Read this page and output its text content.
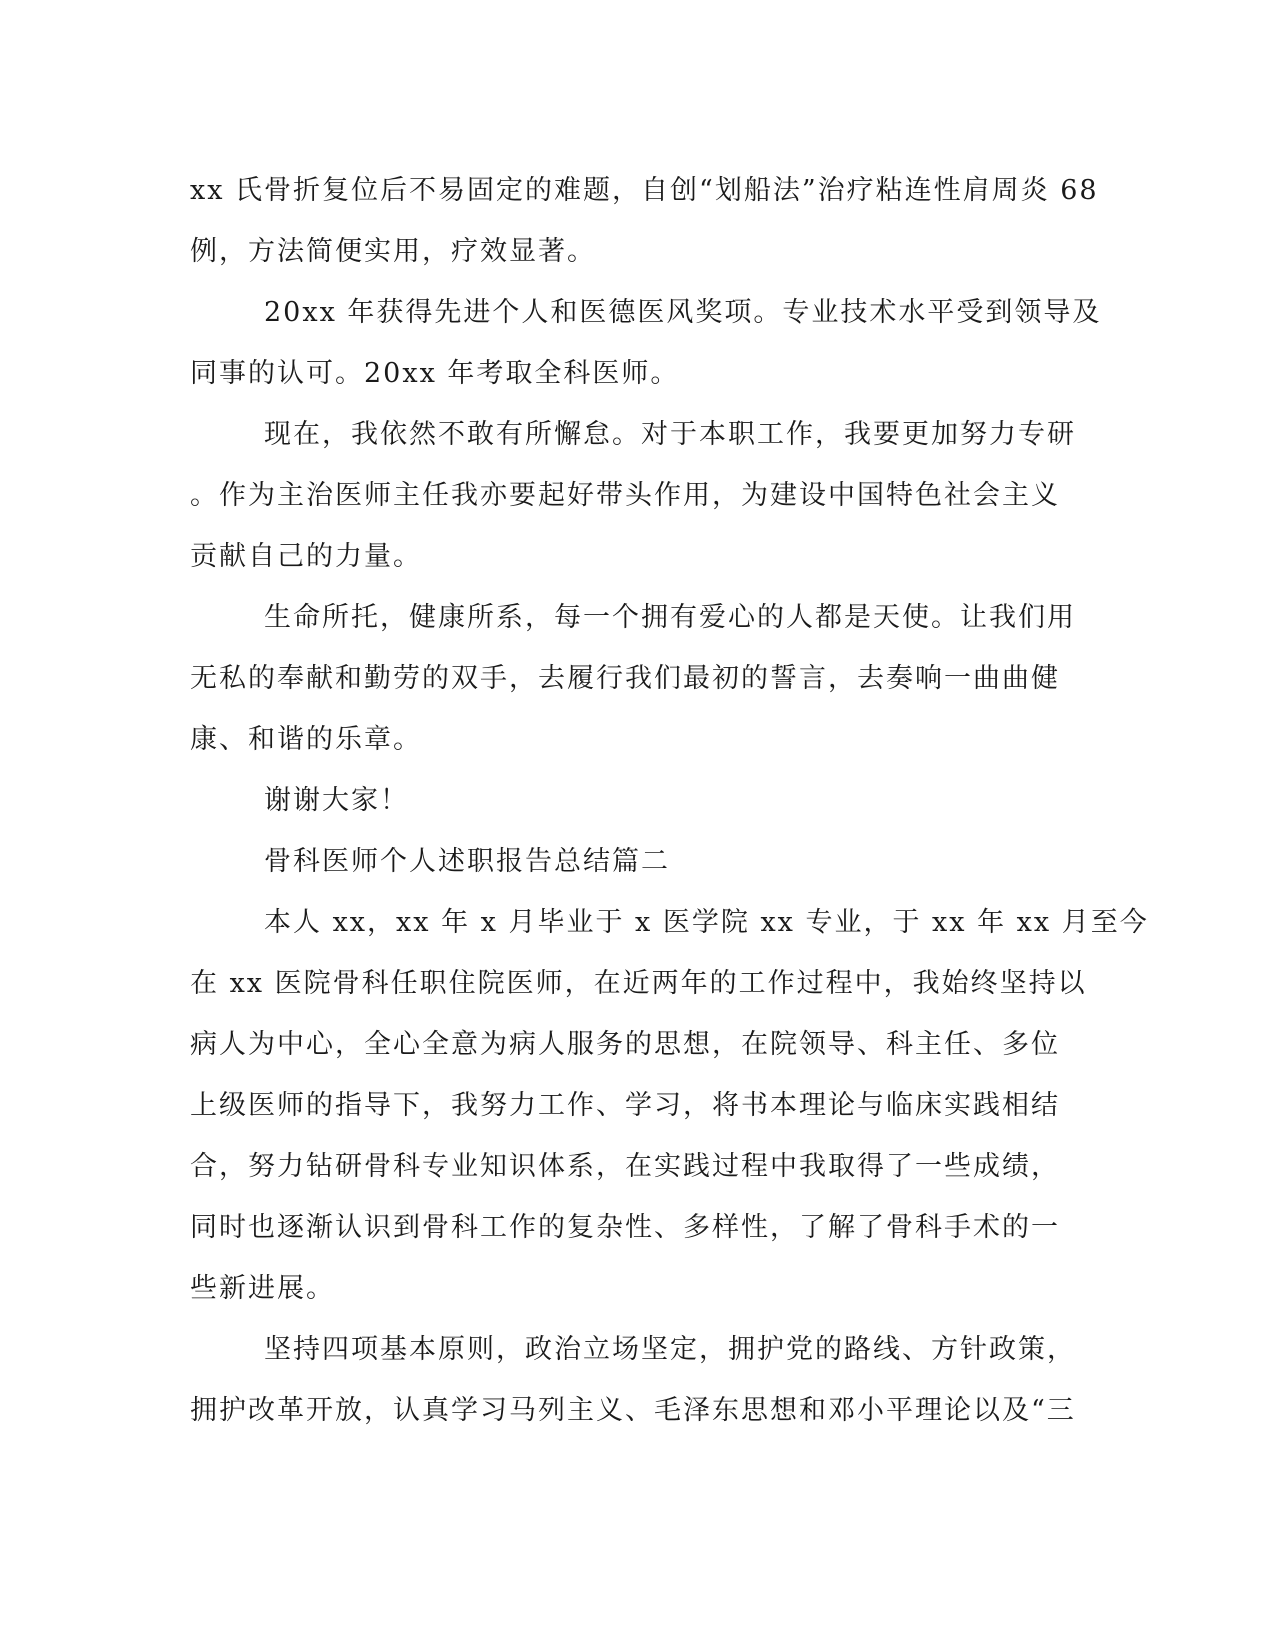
xx 氏骨折复位后不易固定的难题，自创“划船法”治疗粘连性肩周炎 68
例，方法简便实用，疗效显著。
20xx 年获得先进个人和医德医风奖项。专业技术水平受到领导及
同事的认可。20xx 年考取全科医师。
现在，我依然不敢有所懈怠。对于本职工作，我要更加努力专研
。作为主治医师主任我亦要起好带头作用，为建设中国特色社会主义
贡献自己的力量。
生命所托，健康所系，每一个拥有爱心的人都是天使。让我们用
无私的奉献和勤劳的双手，去履行我们最初的誓言，去奏响一曲曲健
康、和谐的乐章。
谢谢大家！
骨科医师个人述职报告总结篇二
本人 xx，xx 年 x 月毕业于 x 医学院 xx 专业，于 xx 年 xx 月至今
在 xx 医院骨科任职住院医师，在近两年的工作过程中，我始终坚持以
病人为中心，全心全意为病人服务的思想，在院领导、科主任、多位
上级医师的指导下，我努力工作、学习，将书本理论与临床实践相结
合，努力钻研骨科专业知识体系，在实践过程中我取得了一些成绩，
同时也逐渐认识到骨科工作的复杂性、多样性，了解了骨科手术的一
些新进展。
坚持四项基本原则，政治立场坚定，拥护党的路线、方针政策，
拥护改革开放，认真学习马列主义、毛泽东思想和邓小平理论以及“三
